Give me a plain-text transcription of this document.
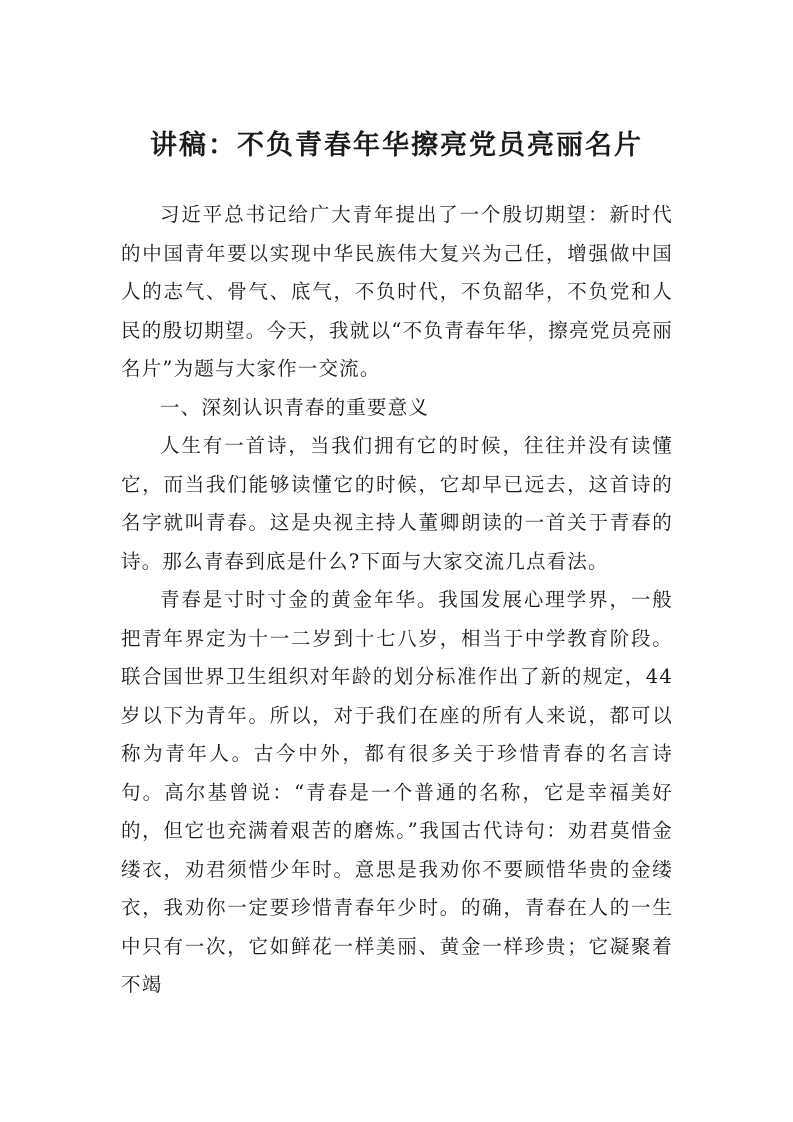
讲稿：不负青春年华擦亮党员亮丽名片

习近平总书记给广大青年提出了一个殷切期望：新时代的中国青年要以实现中华民族伟大复兴为己任，增强做中国人的志气、骨气、底气，不负时代，不负韶华，不负党和人民的殷切期望。今天，我就以“不负青春年华，擦亮党员亮丽名片”为题与大家作一交流。

一、深刻认识青春的重要意义

人生有一首诗，当我们拥有它的时候，往往并没有读懂它，而当我们能够读懂它的时候，它却早已远去，这首诗的名字就叫青春。这是央视主持人董卿朗读的一首关于青春的诗。那么青春到底是什么?下面与大家交流几点看法。

青春是寸时寸金的黄金年华。我国发展心理学界，一般把青年界定为十一二岁到十七八岁，相当于中学教育阶段。联合国世界卫生组织对年龄的划分标准作出了新的规定，44岁以下为青年。所以，对于我们在座的所有人来说，都可以称为青年人。古今中外，都有很多关于珍惜青春的名言诗句。高尔基曾说：“青春是一个普通的名称，它是幸福美好的，但它也充满着艰苦的磨炼。”我国古代诗句：劝君莫惜金缕衣，劝君须惜少年时。意思是我劝你不要顾惜华贵的金缕衣，我劝你一定要珍惜青春年少时。的确，青春在人的一生中只有一次，它如鲜花一样美丽、黄金一样珍贵；它凝聚着不竭
